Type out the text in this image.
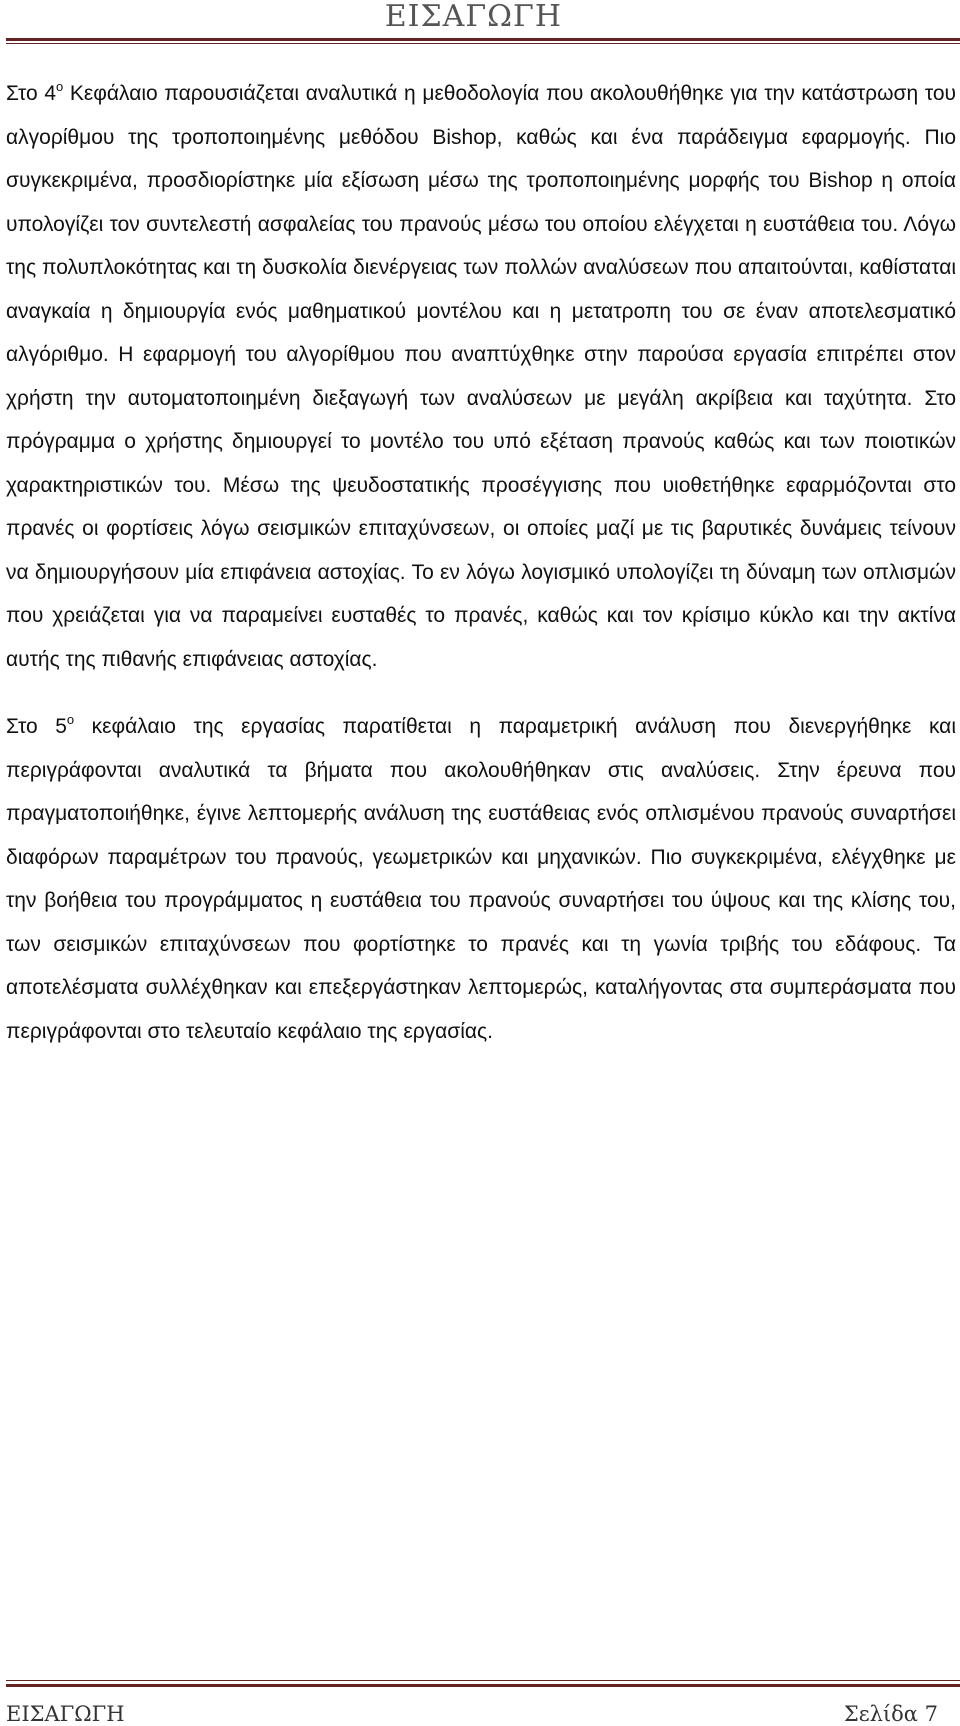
ΕΙΣΑΓΩΓΗ

Στο $4^o$ Κεφάλαιο παρουσιάζεται αναλυτικά η μεθοδολογία που ακολουθήθηκε για την κατάστρωση του αλγορίθμου της τροποποιημένης μεθόδου Bishop, καθώς και ένα παράδειγμα εφαρμογής. Πιο συγκεκριμένα, προσδιορίστηκε μία εξίσωση μέσω της τροποποιημένης μορφής του Bishop η οποία υπολογίζει τον συντελεστή ασφαλείας του πρανούς μέσω του οποίου ελέγχεται η ευστάθεια του. Λόγω της πολυπλοκότητας και τη δυσκολία διενέργειας των πολλών αναλύσεων που απαιτούνται, καθίσταται αναγκαία η δημιουργία ενός μαθηματικού μοντέλου και η μετατροπη του σε έναν αποτελεσματικό αλγόριθμο. Η εφαρμογή του αλγορίθμου που αναπτύχθηκε στην παρούσα εργασία επιτρέπει στον χρήστη την αυτοματοποιημένη διεξαγωγή των αναλύσεων με μεγάλη ακρίβεια και ταχύτητα. Στο πρόγραμμα ο χρήστης δημιουργεί το μοντέλο του υπό εξέταση πρανούς καθώς και των ποιοτικών χαρακτηριστικών του. Μέσω της ψευδοστατικής προσέγγισης που υιοθετήθηκε εφαρμόζονται στο πρανές οι φορτίσεις λόγω σεισμικών επιταχύνσεων, οι οποίες μαζί με τις βαρυτικές δυνάμεις τείνουν να δημιουργήσουν μία επιφάνεια αστοχίας. Το εν λόγω λογισμικό υπολογίζει τη δύναμη των οπλισμών που χρειάζεται για να παραμείνει ευσταθές το πρανές, καθώς και τον κρίσιμο κύκλο και την ακτίνα αυτής της πιθανής επιφάνειας αστοχίας.

Στο $5^o$ κεφάλαιο της εργασίας παρατίθεται η παραμετρική ανάλυση που διενεργήθηκε και περιγράφονται αναλυτικά τα βήματα που ακολουθήθηκαν στις αναλύσεις. Στην έρευνα που πραγματοποιήθηκε, έγινε λεπτομερής ανάλυση της ευστάθειας ενός οπλισμένου πρανούς συναρτήσει διαφόρων παραμέτρων του πρανούς, γεωμετρικών και μηχανικών. Πιο συγκεκριμένα, ελέγχθηκε με την βοήθεια του προγράμματος η ευστάθεια του πρανούς συναρτήσει του ύψους και της κλίσης του, των σεισμικών επιταχύνσεων που φορτίστηκε το πρανές και τη γωνία τριβής του εδάφους. Τα αποτελέσματα συλλέχθηκαν και επεξεργάστηκαν λεπτομερώς, καταλήγοντας στα συμπεράσματα που περιγράφονται στο τελευταίο κεφάλαιο της εργασίας.

ΕΙΣΑΓΩΓΗ	Σελίδα 7
